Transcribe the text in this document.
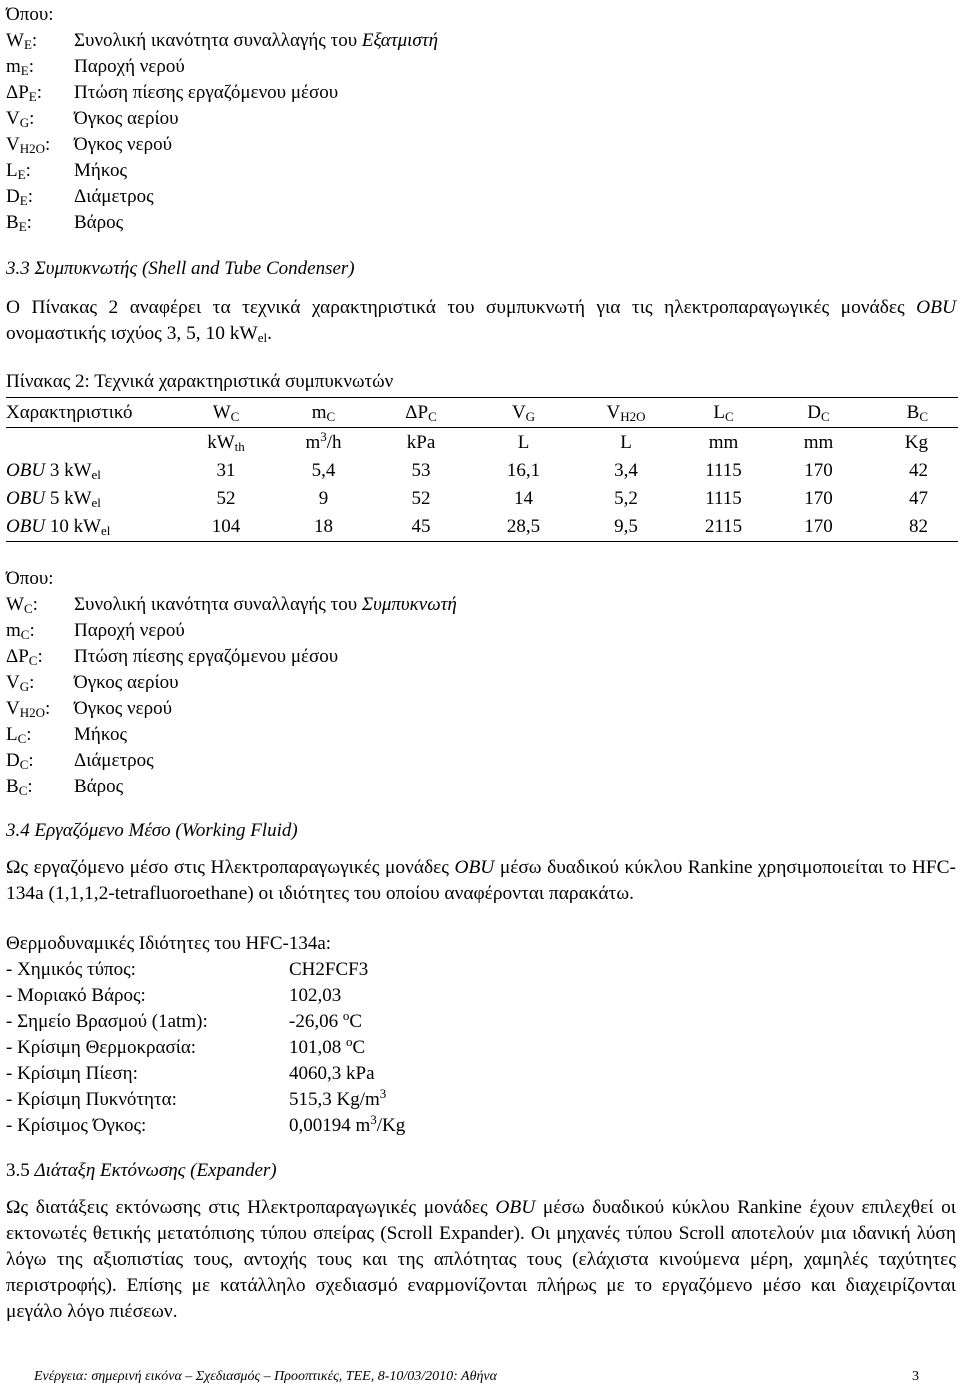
Όπου:
$W_E$:	Συνολική ικανότητα συναλλαγής του Εξατμιστή
$m_E$:	Παροχή νερού
$\Delta P_E$:	Πτώση πίεσης εργαζόμενου μέσου
$V_G$:	Όγκος αερίου
$V_{H2O}$:	Όγκος νερού
$L_E$:	Μήκος
$D_E$:	Διάμετρος
$B_E$:	Βάρος
3.3 Συμπυκνωτής (Shell and Tube Condenser)

Ο Πίνακας 2 αναφέρει τα τεχνικά χαρακτηριστικά του συμπυκνωτή για τις ηλεκτροπαραγωγικές μονάδες OBU ονομαστικής ισχύος 3, 5, 10 $kW_{el}$.

Πίνακας 2: Τεχνικά χαρακτηριστικά συμπυκνωτών
Χαρακτηριστικό	$W_C$	$m_C$	$\Delta P_C$	$V_G$	$V_{H2O}$	$L_C$	$D_C$	$B_C$
	$kW_{th}$	$m^3/h$	kPa	L	L	mm	mm	Kg
OBU 3 $kW_{el}$	31	5,4	53	16,1	3,4	1115	170	42
OBU 5 $kW_{el}$	52	9	52	14	5,2	1115	170	47
OBU 10 $kW_{el}$	104	18	45	28,5	9,5	2115	170	82
Όπου:
$W_C$:	Συνολική ικανότητα συναλλαγής του Συμπυκνωτή
$m_C$:	Παροχή νερού
$\Delta P_C$:	Πτώση πίεσης εργαζόμενου μέσου
$V_G$:	Όγκος αερίου
$V_{H2O}$:	Όγκος νερού
$L_C$:	Μήκος
$D_C$:	Διάμετρος
$B_C$:	Βάρος
3.4 Εργαζόμενο Μέσο (Working Fluid)

Ως εργαζόμενο μέσο στις Ηλεκτροπαραγωγικές μονάδες OBU μέσω δυαδικού κύκλου Rankine χρησιμοποιείται το HFC-134a (1,1,1,2-tetrafluoroethane) οι ιδιότητες του οποίου αναφέρονται παρακάτω.

Θερμοδυναμικές Ιδιότητες του HFC-134a:
- Χημικός τύπος:	CH2FCF3
- Μοριακό Βάρος:	102,03
- Σημείο Βρασμού (1atm):	-26,06 $^o$C
- Κρίσιμη Θερμοκρασία:	101,08 $^o$C
- Κρίσιμη Πίεση:	4060,3 kPa
- Κρίσιμη Πυκνότητα:	515,3 $Kg/m^3$
- Κρίσιμος Όγκος:	0,00194 $m^3/Kg$
3.5 Διάταξη Εκτόνωσης (Expander)

Ως διατάξεις εκτόνωσης στις Ηλεκτροπαραγωγικές μονάδες OBU μέσω δυαδικού κύκλου Rankine έχουν επιλεχθεί οι εκτονωτές θετικής μετατόπισης τύπου σπείρας (Scroll Expander). Οι μηχανές τύπου Scroll αποτελούν μια ιδανική λύση λόγω της αξιοπιστίας τους, αντοχής τους και της απλότητας τους (ελάχιστα κινούμενα μέρη, χαμηλές ταχύτητες περιστροφής). Επίσης με κατάλληλο σχεδιασμό εναρμονίζονται πλήρως με το εργαζόμενο μέσο και διαχειρίζονται μεγάλο λόγο πιέσεων.

Ενέργεια: σημερινή εικόνα – Σχεδιασμός – Προοπτικές, ΤΕΕ, 8-10/03/2010: Αθήνα	3
